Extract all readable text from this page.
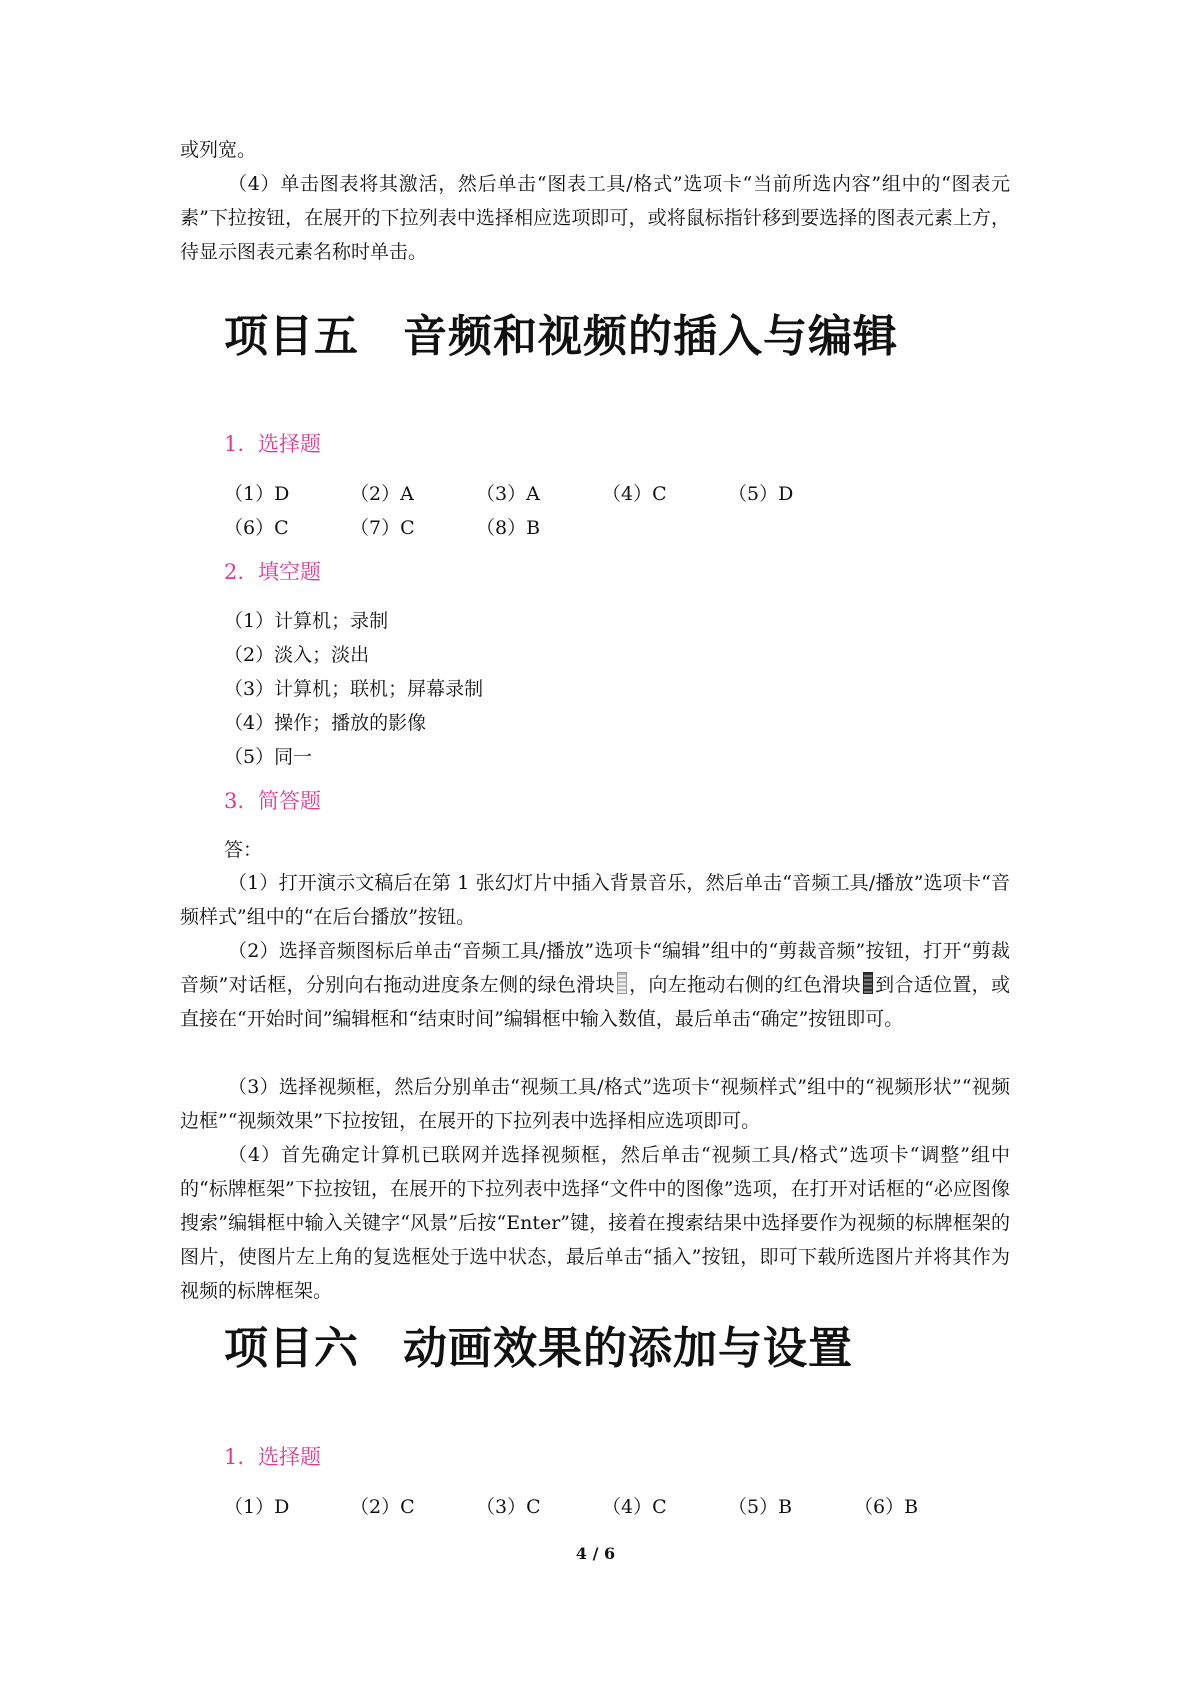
或列宽。

（4）单击图表将其激活，然后单击“图表工具/格式”选项卡“当前所选内容”组中的“图表元素”下拉按钮，在展开的下拉列表中选择相应选项即可，或将鼠标指针移到要选择的图表元素上方，待显示图表元素名称时单击。

项目五 音频和视频的插入与编辑
1. 选择题
（1）D	（2）A	（3）A	（4）C	（5）D
（6）C	（7）C	（8）B
2. 填空题
（1）计算机；录制
（2）淡入；淡出
（3）计算机；联机；屏幕录制
（4）操作；播放的影像
（5）同一
3. 简答题
答：

（1）打开演示文稿后在第 1 张幻灯片中插入背景音乐，然后单击“音频工具/播放”选项卡“音频样式”组中的“在后台播放”按钮。

（2）选择音频图标后单击“音频工具/播放”选项卡“编辑”组中的“剪裁音频”按钮，打开“剪裁音频”对话框，分别向右拖动进度条左侧的绿色滑块 ，向左拖动右侧的红色滑块 到合适位置，或直接在“开始时间”编辑框和“结束时间”编辑框中输入数值，最后单击“确定”按钮即可。

（3）选择视频框，然后分别单击“视频工具/格式”选项卡“视频样式”组中的“视频形状”“视频边框”“视频效果”下拉按钮，在展开的下拉列表中选择相应选项即可。

（4）首先确定计算机已联网并选择视频框，然后单击“视频工具/格式”选项卡“调整”组中的“标牌框架”下拉按钮，在展开的下拉列表中选择“文件中的图像”选项，在打开对话框的“必应图像搜索”编辑框中输入关键字“风景”后按“Enter”键，接着在搜索结果中选择要作为视频的标牌框架的图片，使图片左上角的复选框处于选中状态，最后单击“插入”按钮，即可下载所选图片并将其作为视频的标牌框架。

项目六 动画效果的添加与设置
1. 选择题
（1）D	（2）C	（3）C	（4）C	（5）B	（6）B
4 / 6
